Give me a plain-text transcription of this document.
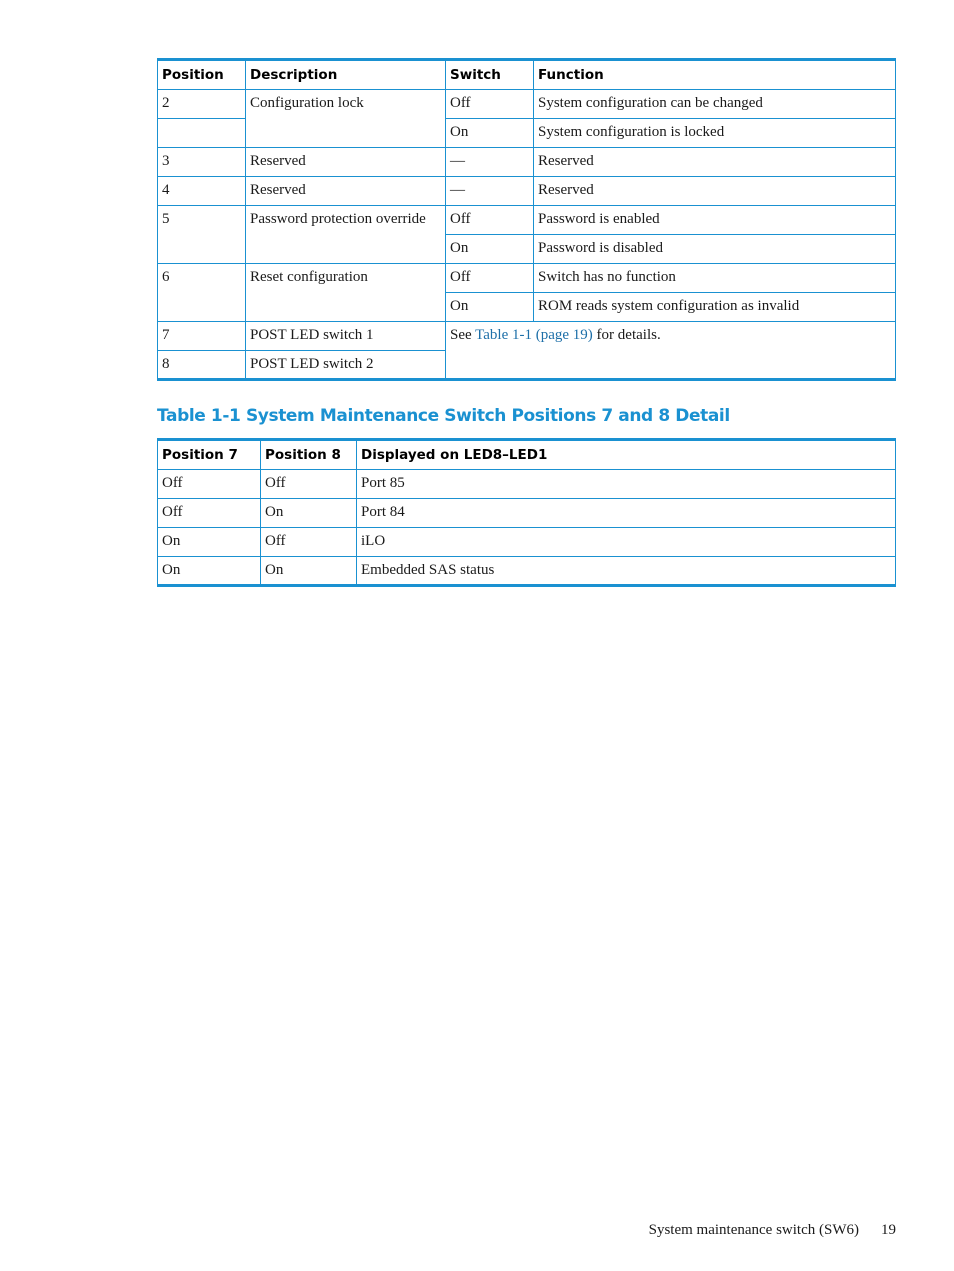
Position	Description	Switch	Function
2	Configuration lock	Off	System configuration can be changed
		On	System configuration is locked
3	Reserved	—	Reserved
4	Reserved	—	Reserved
5	Password protection override	Off	Password is enabled
		On	Password is disabled
6	Reset configuration	Off	Switch has no function
		On	ROM reads system configuration as invalid
7	POST LED switch 1	See Table 1-1 (page 19) for details.	
8	POST LED switch 2		
Table 1-1 System Maintenance Switch Positions 7 and 8 Detail
Position 7	Position 8	Displayed on LED8–LED1
Off	Off	Port 85
Off	On	Port 84
On	Off	iLO
On	On	Embedded SAS status
System maintenance switch (SW6) 19
